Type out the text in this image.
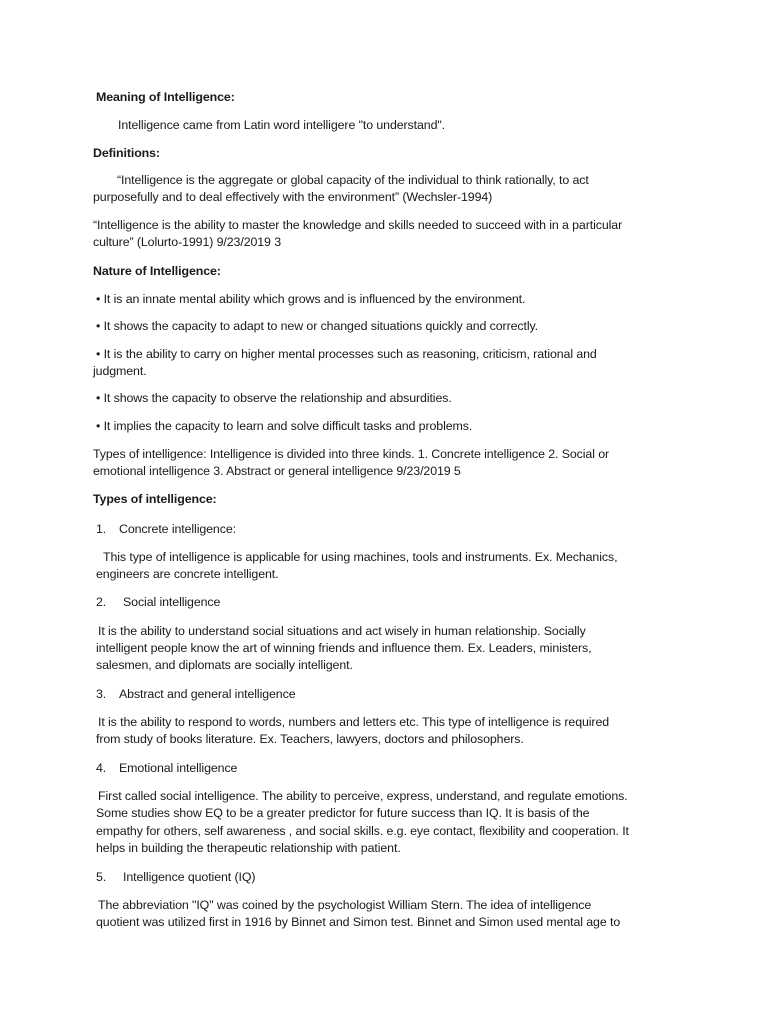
Meaning of Intelligence:
Intelligence came from Latin word intelligere "to understand".
Definitions:
“Intelligence is the aggregate or global capacity of the individual to think rationally, to act
purposefully and to deal effectively with the environment” (Wechsler-1994)
“Intelligence is the ability to master the knowledge and skills needed to succeed with in a particular
culture” (Lolurto-1991) 9/23/2019 3
Nature of Intelligence:
• It is an innate mental ability which grows and is influenced by the environment.
• It shows the capacity to adapt to new or changed situations quickly and correctly.
• It is the ability to carry on higher mental processes such as reasoning, criticism, rational and
judgment.
• It shows the capacity to observe the relationship and absurdities.
• It implies the capacity to learn and solve difficult tasks and problems.
Types of intelligence: Intelligence is divided into three kinds. 1. Concrete intelligence 2. Social or
emotional intelligence 3. Abstract or general intelligence 9/23/2019 5
Types of intelligence:
1. Concrete intelligence:
This type of intelligence is applicable for using machines, tools and instruments. Ex. Mechanics,
engineers are concrete intelligent.
2. Social intelligence
It is the ability to understand social situations and act wisely in human relationship. Socially
intelligent people know the art of winning friends and influence them. Ex. Leaders, ministers,
salesmen, and diplomats are socially intelligent.
3. Abstract and general intelligence
It is the ability to respond to words, numbers and letters etc. This type of intelligence is required
from study of books literature. Ex. Teachers, lawyers, doctors and philosophers.
4. Emotional intelligence
First called social intelligence. The ability to perceive, express, understand, and regulate emotions.
Some studies show EQ to be a greater predictor for future success than IQ. It is basis of the
empathy for others, self awareness , and social skills. e.g. eye contact, flexibility and cooperation. It
helps in building the therapeutic relationship with patient.
5. Intelligence quotient (IQ)
The abbreviation "IQ" was coined by the psychologist William Stern. The idea of intelligence
quotient was utilized first in 1916 by Binnet and Simon test. Binnet and Simon used mental age to
